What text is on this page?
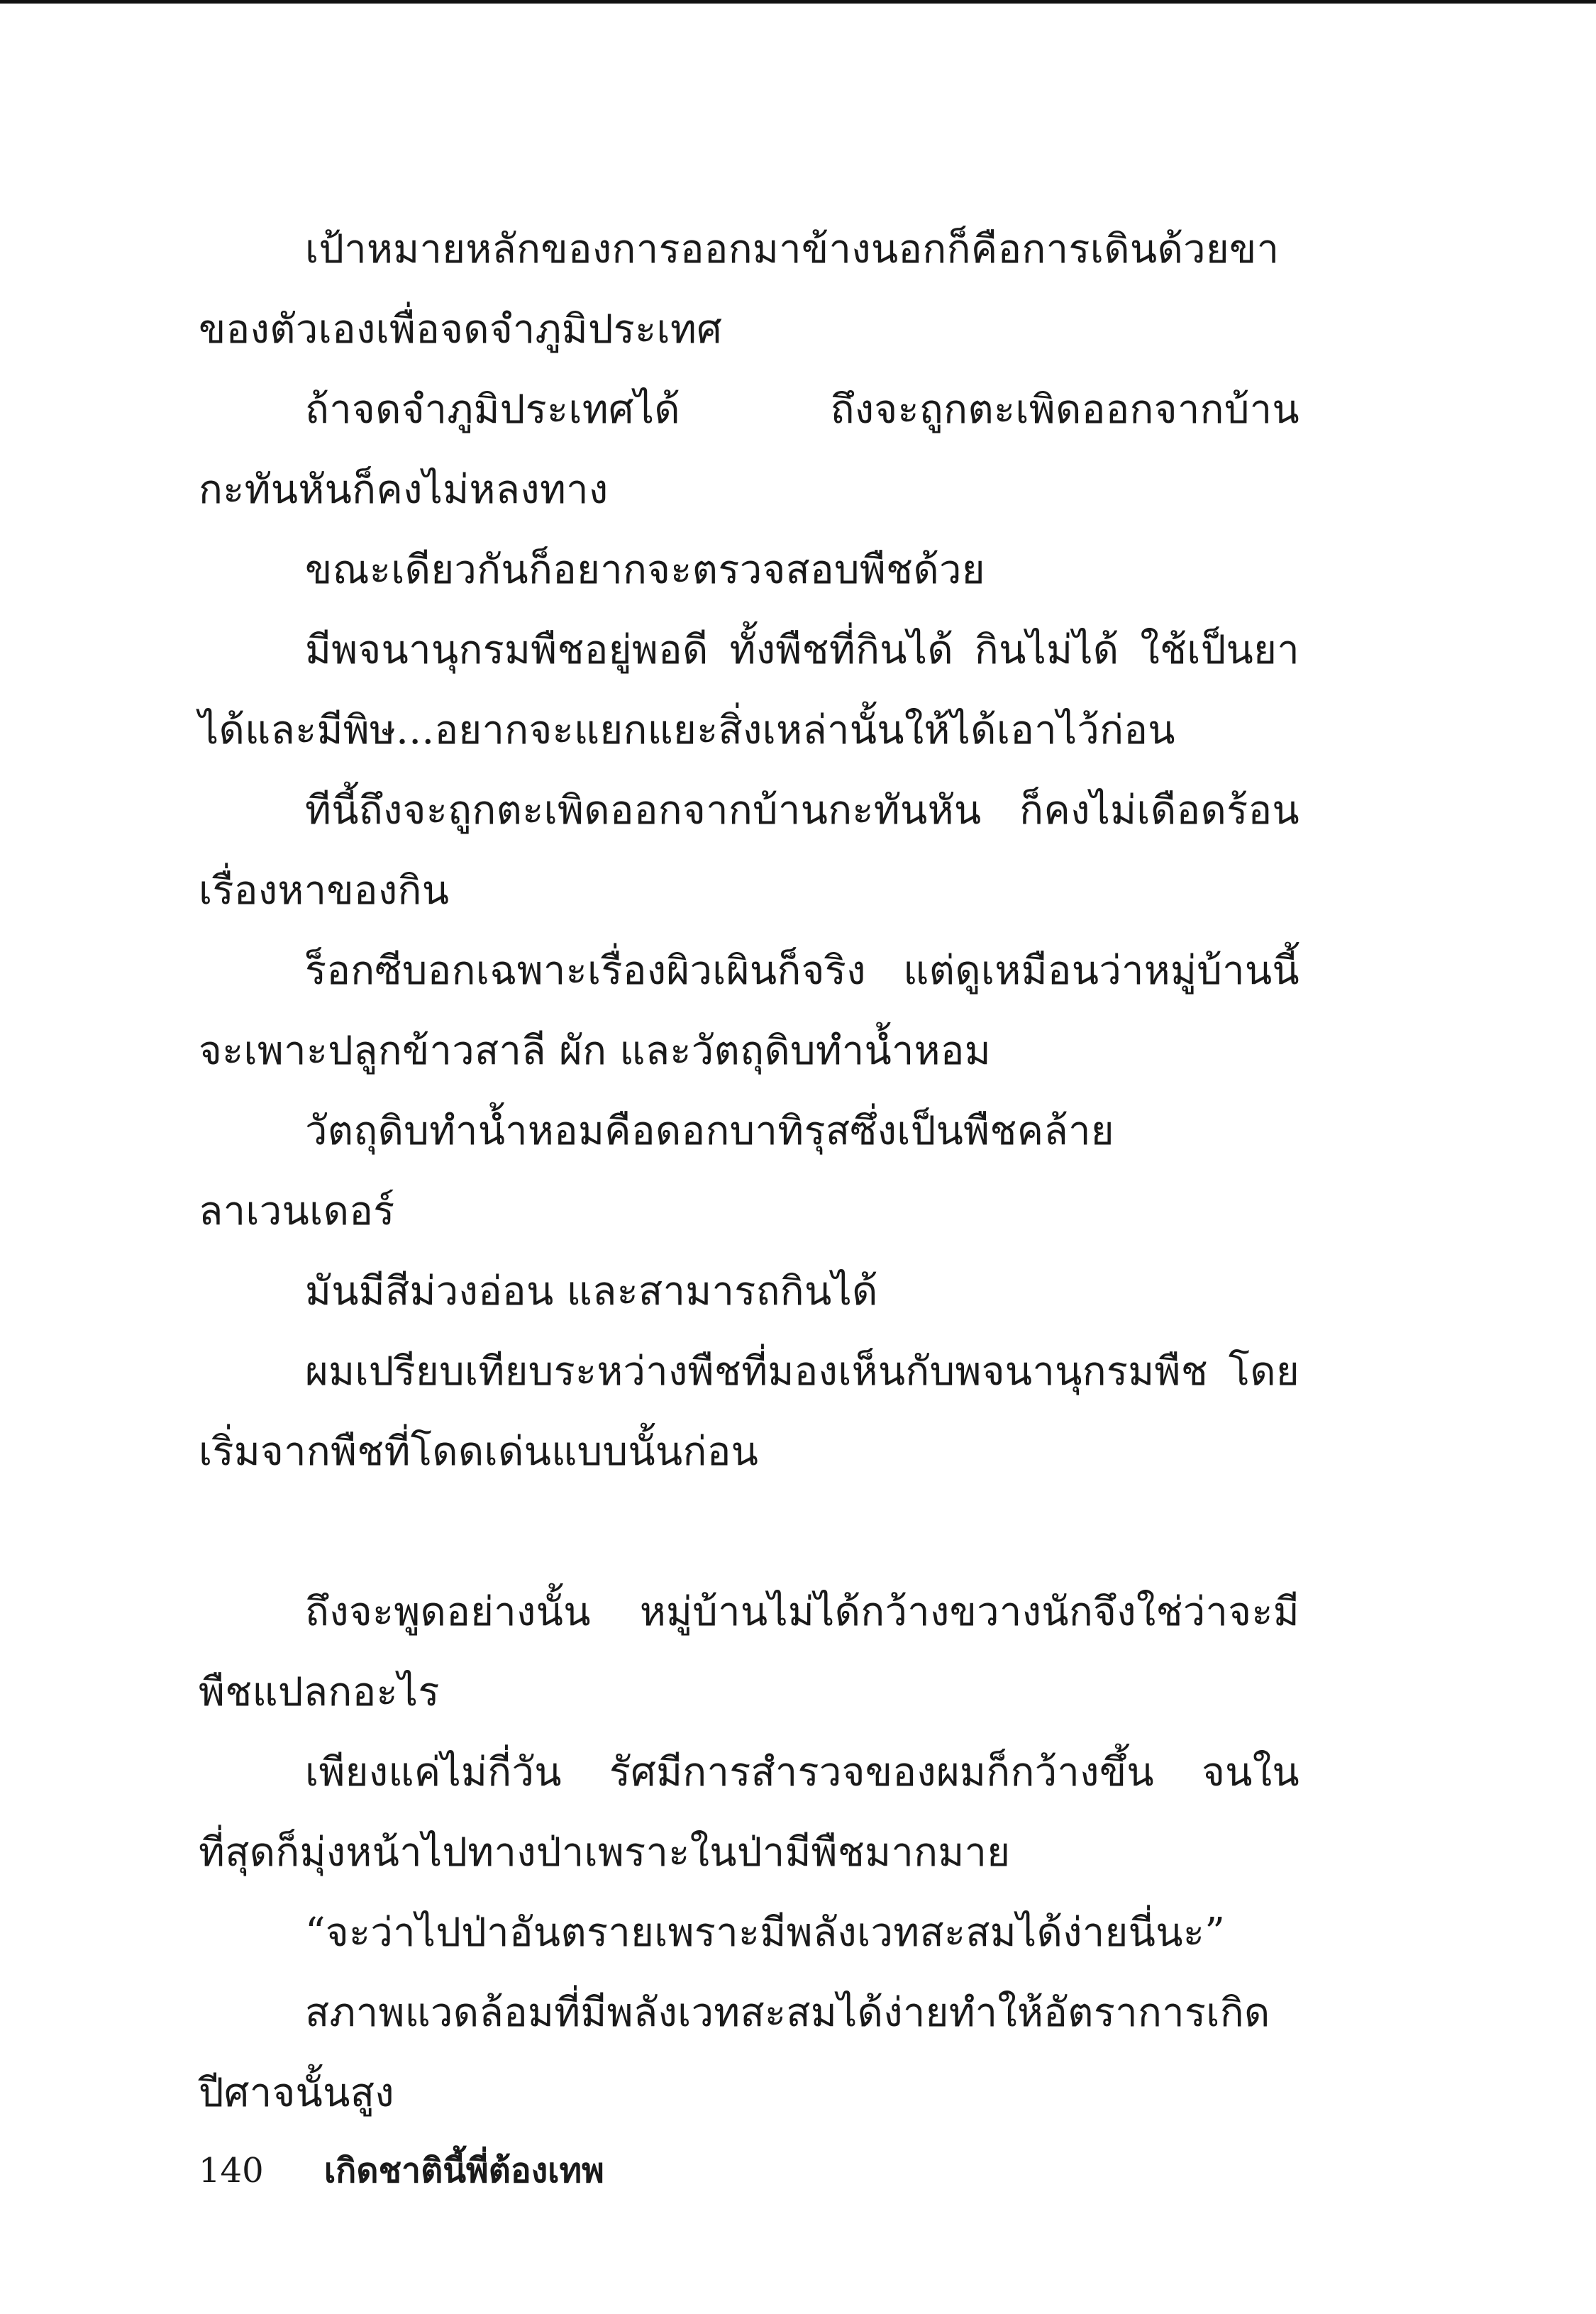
เป้าหมายหลักของการออกมาข้างนอกก็คือการเดินด้วยขาของตัวเองเพื่อจดจำภูมิประเทศ

ถ้าจดจำภูมิประเทศได้ ถึงจะถูกตะเพิดออกจากบ้านกะทันหันก็คงไม่หลงทาง

ขณะเดียวกันก็อยากจะตรวจสอบพืชด้วย

มีพจนานุกรมพืชอยู่พอดี ทั้งพืชที่กินได้ กินไม่ได้ ใช้เป็นยาได้และมีพิษ...อยากจะแยกแยะสิ่งเหล่านั้นให้ได้เอาไว้ก่อน

ทีนี้ถึงจะถูกตะเพิดออกจากบ้านกะทันหัน ก็คงไม่เดือดร้อนเรื่องหาของกิน

ร็อกซีบอกเฉพาะเรื่องผิวเผินก็จริง แต่ดูเหมือนว่าหมู่บ้านนี้จะเพาะปลูกข้าวสาลี ผัก และวัตถุดิบทำน้ำหอม

วัตถุดิบทำน้ำหอมคือดอกบาทิรุสซึ่งเป็นพืชคล้ายลาเวนเดอร์

มันมีสีม่วงอ่อน และสามารถกินได้

ผมเปรียบเทียบระหว่างพืชที่มองเห็นกับพจนานุกรมพืช โดยเริ่มจากพืชที่โดดเด่นแบบนั้นก่อน

ถึงจะพูดอย่างนั้น หมู่บ้านไม่ได้กว้างขวางนักจึงใช่ว่าจะมีพืชแปลกอะไร

เพียงแค่ไม่กี่วัน รัศมีการสำรวจของผมก็กว้างขึ้น จนในที่สุดก็มุ่งหน้าไปทางป่าเพราะในป่ามีพืชมากมาย

“จะว่าไปป่าอันตรายเพราะมีพลังเวทสะสมได้ง่ายนี่นะ”

สภาพแวดล้อมที่มีพลังเวทสะสมได้ง่ายทำให้อัตราการเกิดปีศาจนั้นสูง

140 เกิดชาตินี้พี่ต้องเทพ
